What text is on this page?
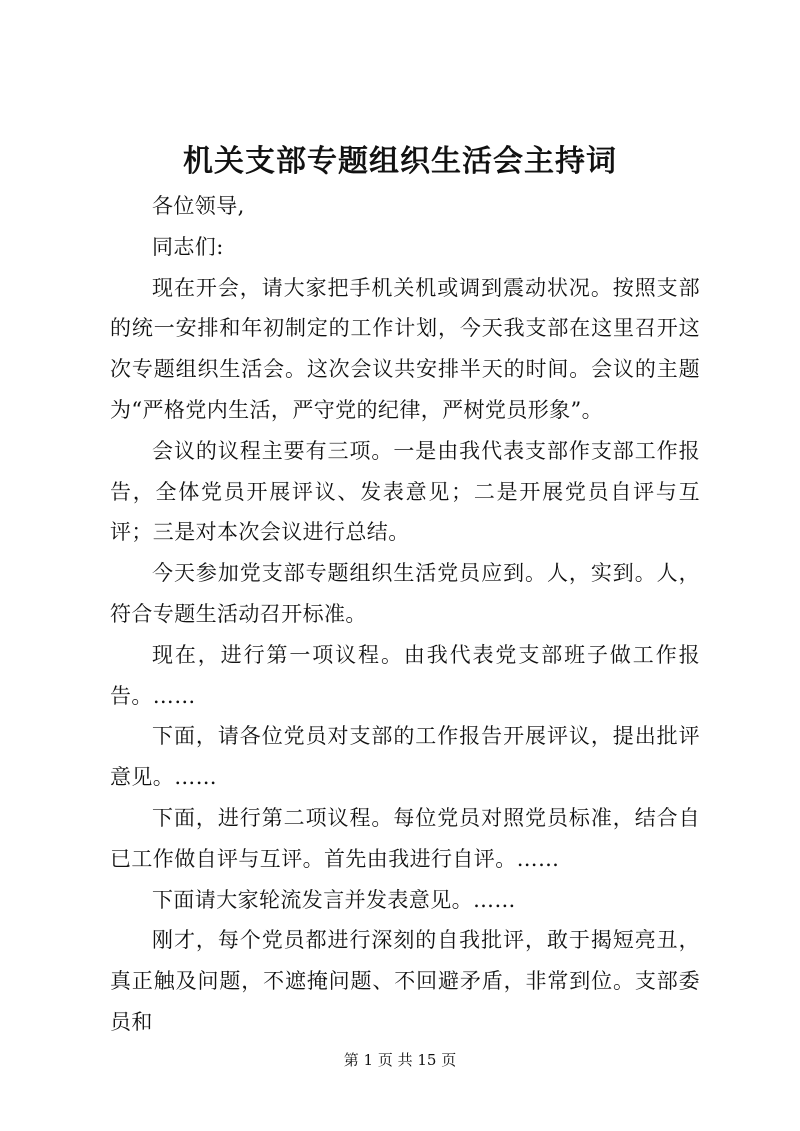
机关支部专题组织生活会主持词

各位领导,

同志们:

现在开会，请大家把手机关机或调到震动状况。按照支部的统一安排和年初制定的工作计划，今天我支部在这里召开这次专题组织生活会。这次会议共安排半天的时间。会议的主题为“严格党内生活，严守党的纪律，严树党员形象”。

会议的议程主要有三项。一是由我代表支部作支部工作报告，全体党员开展评议、发表意见；二是开展党员自评与互评；三是对本次会议进行总结。

今天参加党支部专题组织生活党员应到。人，实到。人，符合专题生活动召开标准。

现在，进行第一项议程。由我代表党支部班子做工作报告。……

下面，请各位党员对支部的工作报告开展评议，提出批评意见。……

下面，进行第二项议程。每位党员对照党员标准，结合自已工作做自评与互评。首先由我进行自评。……

下面请大家轮流发言并发表意见。……

刚才，每个党员都进行深刻的自我批评，敢于揭短亮丑，真正触及问题，不遮掩问题、不回避矛盾，非常到位。支部委员和

第 1 页 共 15 页
